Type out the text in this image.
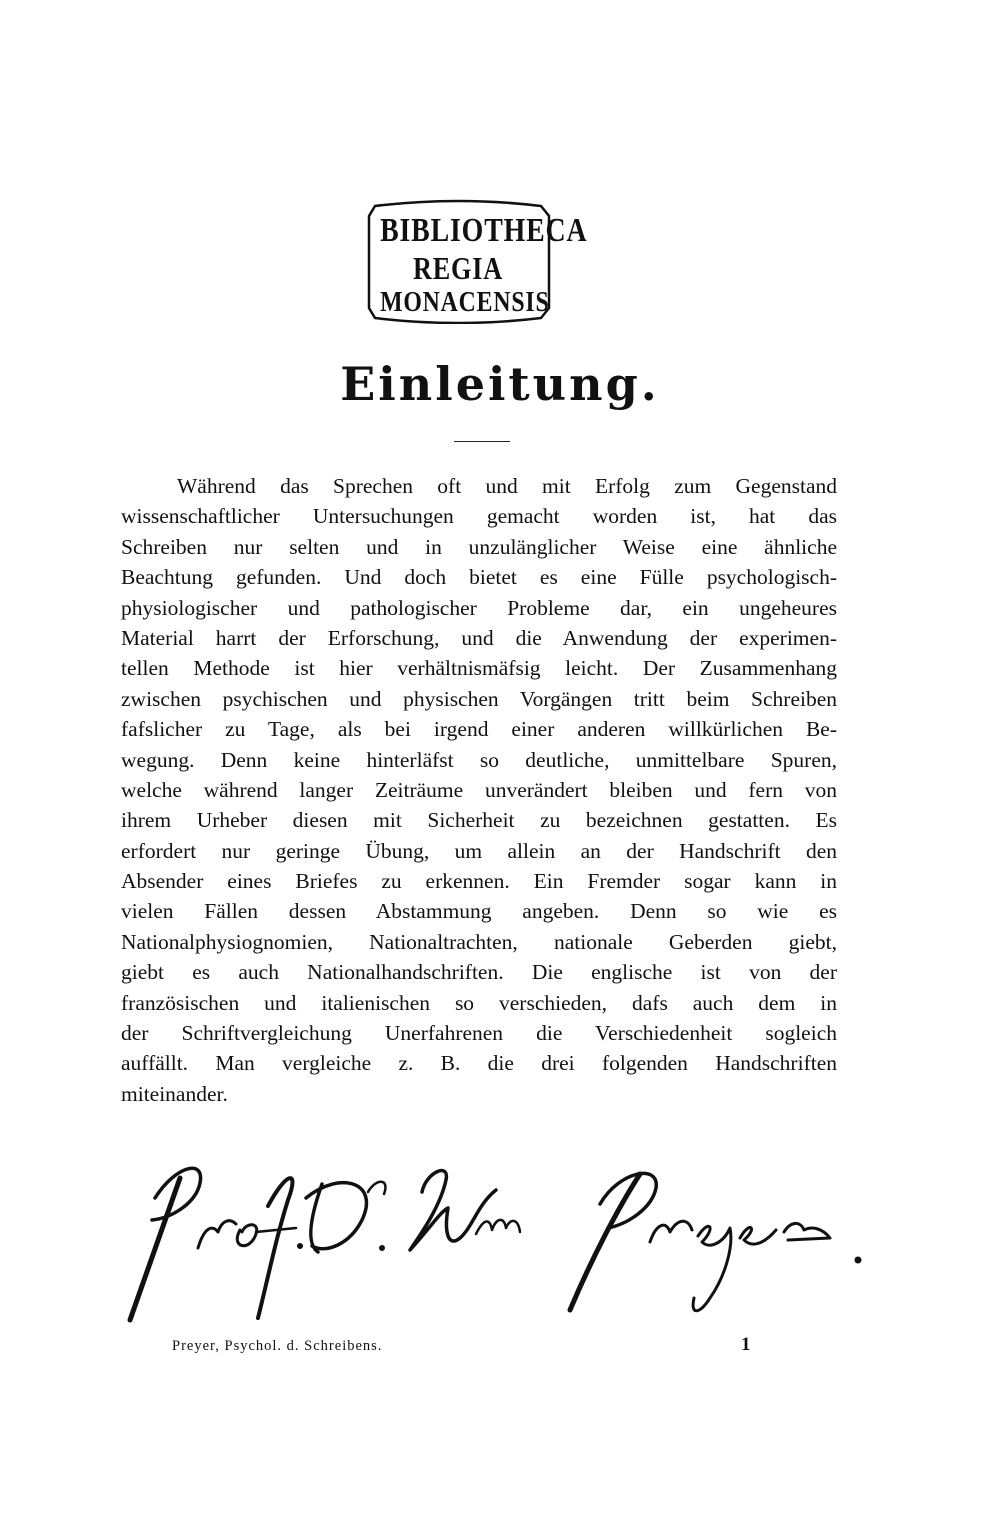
BIBLIOTHECA
REGIA
MONACENSIS
Einleitung.
Während das Sprechen oft und mit Erfolg zum Gegenstand
wissenschaftlicher Untersuchungen gemacht worden ist, hat das
Schreiben nur selten und in unzulänglicher Weise eine ähnliche
Beachtung gefunden. Und doch bietet es eine Fülle psychologisch-
physiologischer und pathologischer Probleme dar, ein ungeheures
Material harrt der Erforschung, und die Anwendung der experimen-
tellen Methode ist hier verhältnismäfsig leicht. Der Zusammenhang
zwischen psychischen und physischen Vorgängen tritt beim Schreiben
fafslicher zu Tage, als bei irgend einer anderen willkürlichen Be-
wegung. Denn keine hinterläfst so deutliche, unmittelbare Spuren,
welche während langer Zeiträume unverändert bleiben und fern von
ihrem Urheber diesen mit Sicherheit zu bezeichnen gestatten. Es
erfordert nur geringe Übung, um allein an der Handschrift den
Absender eines Briefes zu erkennen. Ein Fremder sogar kann in
vielen Fällen dessen Abstammung angeben. Denn so wie es
Nationalphysiognomien, Nationaltrachten, nationale Geberden giebt,
giebt es auch Nationalhandschriften. Die englische ist von der
französischen und italienischen so verschieden, dafs auch dem in
der Schriftvergleichung Unerfahrenen die Verschiedenheit sogleich
auffällt. Man vergleiche z. B. die drei folgenden Handschriften
miteinander.
Preyer, Psychol. d. Schreibens.	1
